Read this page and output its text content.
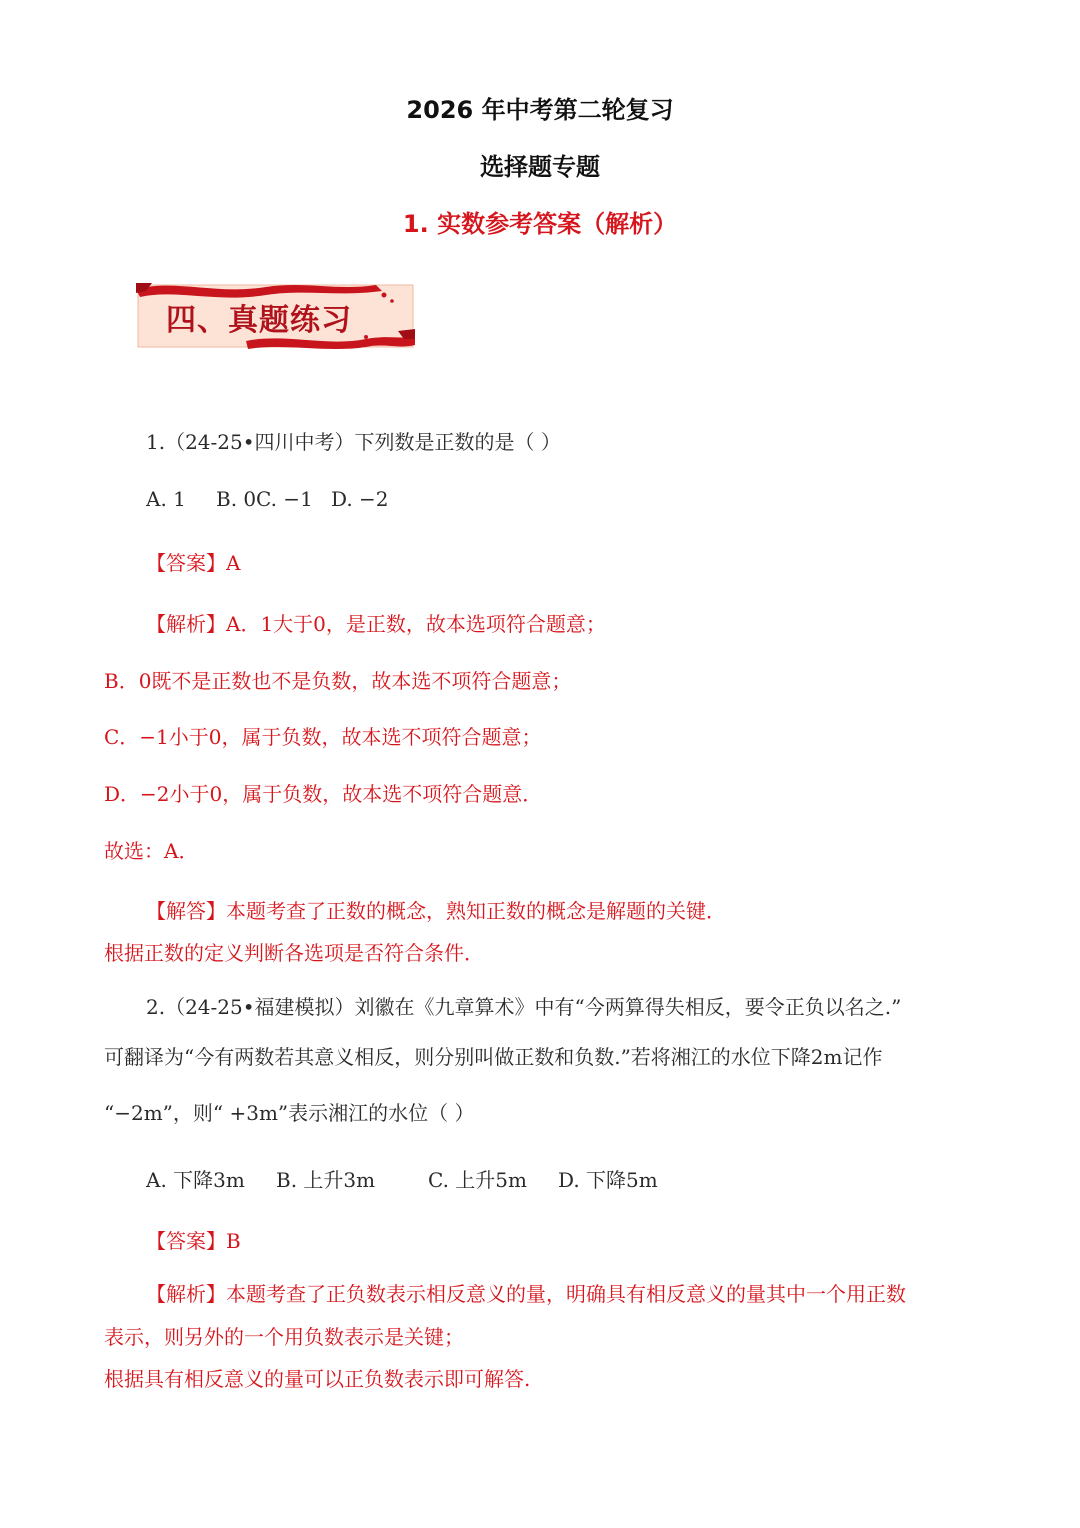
2026 年中考第二轮复习
选择题专题
1. 实数参考答案（解析）
四、真题练习
1.（24-25•四川中考）下列数是正数的是（ ）
A. 1 B. 0C. −1 D. −2
【答案】A
【解析】A．1大于0，是正数，故本选项符合题意；
B．0既不是正数也不是负数，故本选不项符合题意；
C．−1小于0，属于负数，故本选不项符合题意；
D．−2小于0，属于负数，故本选不项符合题意．
故选：A．
【解答】本题考查了正数的概念，熟知正数的概念是解题的关键．
根据正数的定义判断各选项是否符合条件．
2.（24-25•福建模拟）刘徽在《九章算术》中有“今两算得失相反，要令正负以名之.”
可翻译为“今有两数若其意义相反，则分别叫做正数和负数.”若将湘江的水位下降2m记作
“−2m”，则“ +3m”表示湘江的水位（ ）
A. 下降3m B. 上升3m	C. 上升5m D. 下降5m
【答案】B
【解析】本题考查了正负数表示相反意义的量，明确具有相反意义的量其中一个用正数
表示，则另外的一个用负数表示是关键；
根据具有相反意义的量可以正负数表示即可解答.
